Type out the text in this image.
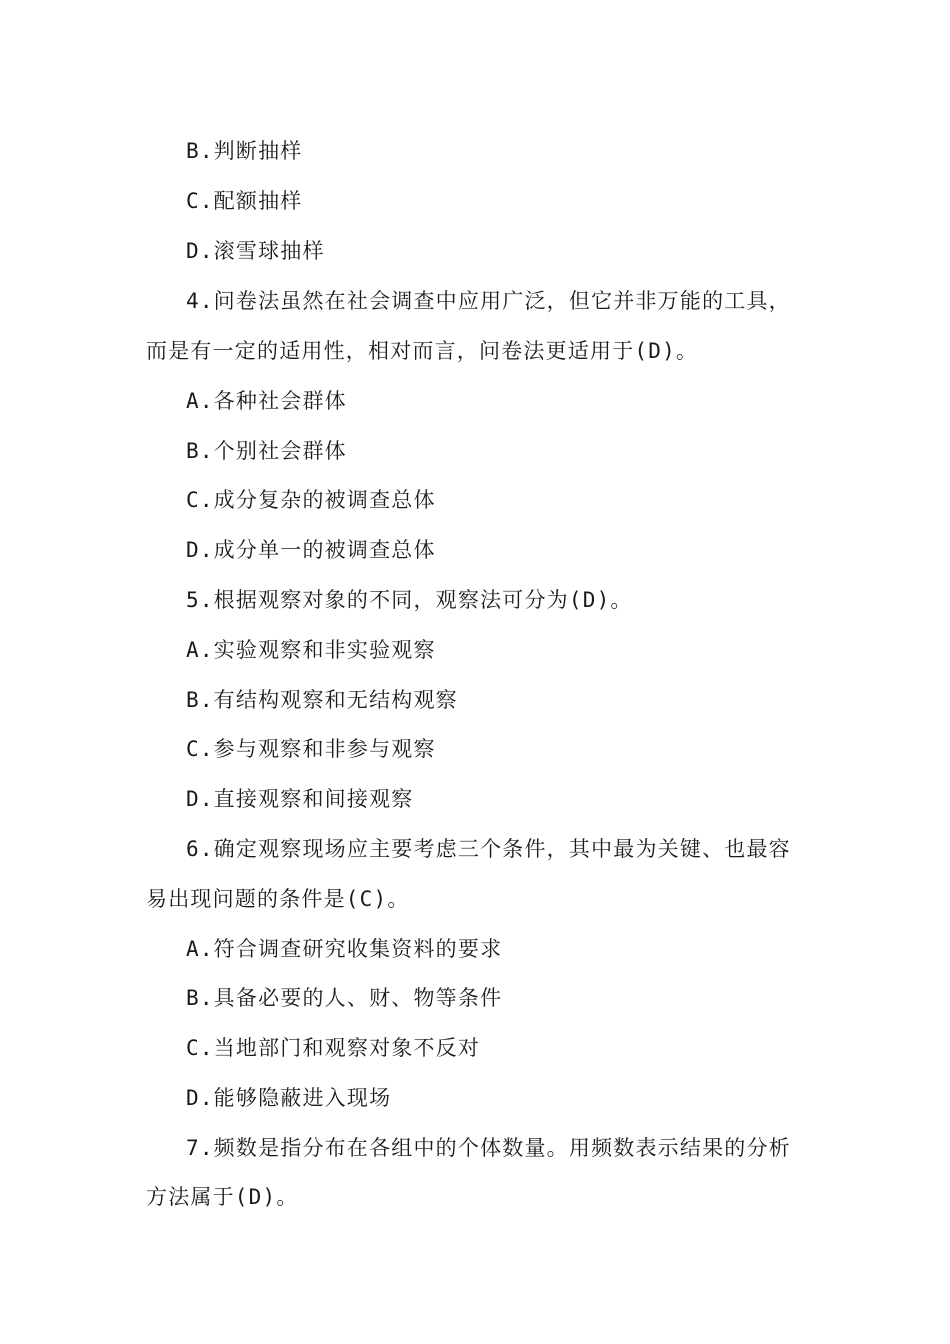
B.判断抽样
C.配额抽样
D.滚雪球抽样
4.问卷法虽然在社会调查中应用广泛，但它并非万能的工具，
而是有一定的适用性，相对而言，问卷法更适用于(D)。
A.各种社会群体
B.个别社会群体
C.成分复杂的被调查总体
D.成分单一的被调查总体
5.根据观察对象的不同，观察法可分为(D)。
A.实验观察和非实验观察
B.有结构观察和无结构观察
C.参与观察和非参与观察
D.直接观察和间接观察
6.确定观察现场应主要考虑三个条件，其中最为关键、也最容
易出现问题的条件是(C)。
A.符合调查研究收集资料的要求
B.具备必要的人、财、物等条件
C.当地部门和观察对象不反对
D.能够隐蔽进入现场
7.频数是指分布在各组中的个体数量。用频数表示结果的分析
方法属于(D)。
